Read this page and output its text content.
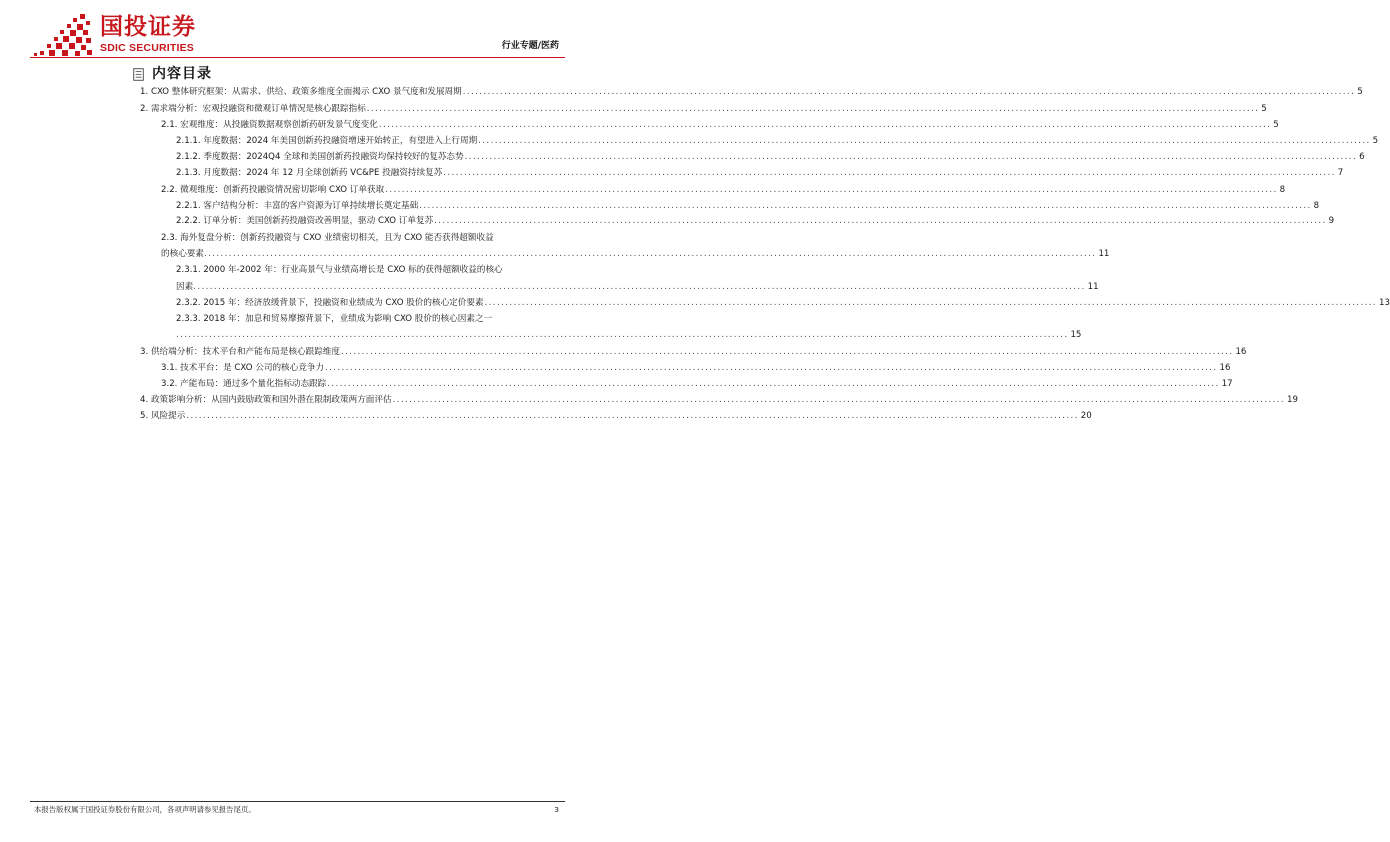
国投证券
SDIC SECURITIES	行业专题/医药
内容目录
1.
CXO 整体研究框架：从需求、供给、政策多维度全面揭示 CXO 景气度和发展周期 ........................................................................................................................................................................................................................ 5
2.
需求端分析：宏观投融资和微观订单情况是核心跟踪指标 ........................................................................................................................................................................................................................ 5
2.1.
宏观维度：从投融资数据观察创新药研发景气度变化 ........................................................................................................................................................................................................................ 5
2.1.1.
年度数据：2024 年美国创新药投融资增速开始转正，有望进入上行周期 ........................................................................................................................................................................................................................ 5
2.1.2.
季度数据：2024Q4 全球和美国创新药投融资均保持较好的复苏态势 ........................................................................................................................................................................................................................ 6
2.1.3.
月度数据：2024 年 12 月全球创新药 VC&PE 投融资持续复苏 ........................................................................................................................................................................................................................ 7
2.2.
微观维度：创新药投融资情况密切影响 CXO 订单获取 ........................................................................................................................................................................................................................ 8
2.2.1.
客户结构分析：丰富的客户资源为订单持续增长奠定基础 ........................................................................................................................................................................................................................ 8
2.2.2.
订单分析：美国创新药投融资改善明显，驱动 CXO 订单复苏 ........................................................................................................................................................................................................................ 9
2.3.
海外复盘分析：创新药投融资与 CXO 业绩密切相关，且为 CXO 能否获得超额收益
的核心要素 ........................................................................................................................................................................................................................ 11
2.3.1.
2000 年-2002 年：行业高景气与业绩高增长是 CXO 标的获得超额收益的核心
因素 ........................................................................................................................................................................................................................ 11
2.3.2.
2015 年：经济放缓背景下，投融资和业绩成为 CXO 股价的核心定价要素 ........................................................................................................................................................................................................................ 13
2.3.3.
2018 年：加息和贸易摩擦背景下，业绩成为影响 CXO 股价的核心因素之一
........................................................................................................................................................................................................................ 15
3.
供给端分析：技术平台和产能布局是核心跟踪维度 ........................................................................................................................................................................................................................ 16
3.1.
技术平台：是 CXO 公司的核心竞争力 ........................................................................................................................................................................................................................ 16
3.2.
产能布局：通过多个量化指标动态跟踪 ........................................................................................................................................................................................................................ 17
4.
政策影响分析：从国内鼓励政策和国外潜在限制政策两方面评估 ........................................................................................................................................................................................................................ 19
5.
风险提示 ........................................................................................................................................................................................................................ 20
本报告版权属于国投证券股份有限公司，各项声明请参见报告尾页。	3
